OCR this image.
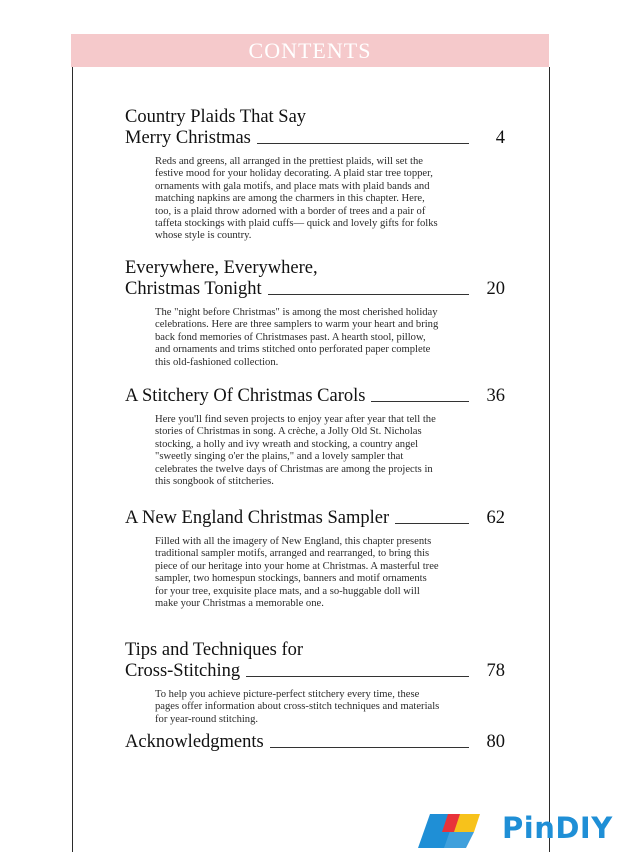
CONTENTS
Country Plaids That Say
Merry Christmas	4
Reds and greens, all arranged in the prettiest plaids, will set the festive mood for your holiday decorating. A plaid star tree topper, ornaments with gala motifs, and place mats with plaid bands and matching napkins are among the charmers in this chapter. Here, too, is a plaid throw adorned with a border of trees and a pair of taffeta stockings with plaid cuffs— quick and lovely gifts for folks whose style is country.
Everywhere, Everywhere,
Christmas Tonight	20
The "night before Christmas" is among the most cherished holiday celebrations. Here are three samplers to warm your heart and bring back fond memories of Christmases past. A hearth stool, pillow, and ornaments and trims stitched onto perforated paper complete this old-fashioned collection.
A Stitchery Of Christmas Carols	36
Here you'll find seven projects to enjoy year after year that tell the stories of Christmas in song. A crèche, a Jolly Old St. Nicholas stocking, a holly and ivy wreath and stocking, a country angel "sweetly singing o'er the plains," and a lovely sampler that celebrates the twelve days of Christmas are among the projects in this songbook of stitcheries.
A New England Christmas Sampler	62
Filled with all the imagery of New England, this chapter presents traditional sampler motifs, arranged and rearranged, to bring this piece of our heritage into your home at Christmas. A masterful tree sampler, two homespun stockings, banners and motif ornaments for your tree, exquisite place mats, and a so-huggable doll will make your Christmas a memorable one.
Tips and Techniques for
Cross-Stitching	78
To help you achieve picture-perfect stitchery every time, these pages offer information about cross-stitch techniques and materials for year-round stitching.
Acknowledgments	80
PinDIY
